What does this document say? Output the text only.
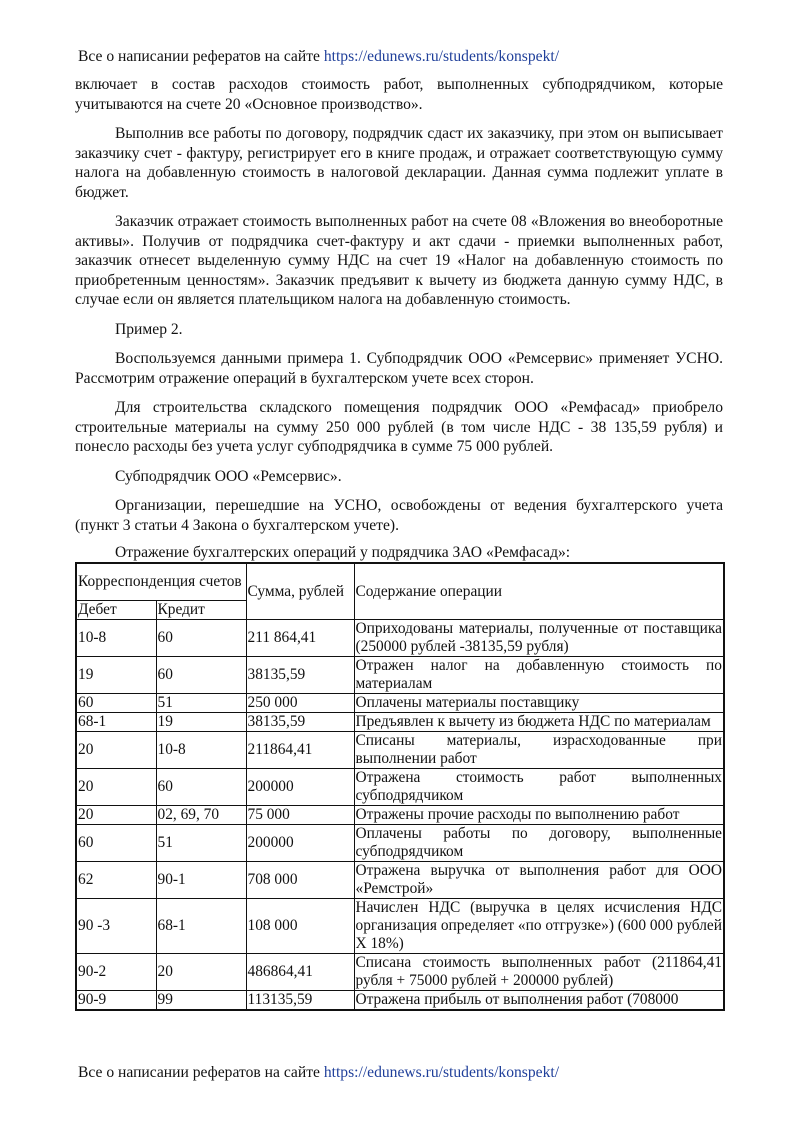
Все о написании рефератов на сайте https://edunews.ru/students/konspekt/

включает в состав расходов стоимость работ, выполненных субподрядчиком, которые учитываются на счете 20 «Основное производство».

Выполнив все работы по договору, подрядчик сдаст их заказчику, при этом он выписывает заказчику счет - фактуру, регистрирует его в книге продаж, и отражает соответствующую сумму налога на добавленную стоимость в налоговой декларации. Данная сумма подлежит уплате в бюджет.

Заказчик отражает стоимость выполненных работ на счете 08 «Вложения во внеоборотные активы». Получив от подрядчика счет-фактуру и акт сдачи - приемки выполненных работ, заказчик отнесет выделенную сумму НДС на счет 19 «Налог на добавленную стоимость по приобретенным ценностям». Заказчик предъявит к вычету из бюджета данную сумму НДС, в случае если он является плательщиком налога на добавленную стоимость.

Пример 2.

Воспользуемся данными примера 1. Субподрядчик ООО «Ремсервис» применяет УСНО. Рассмотрим отражение операций в бухгалтерском учете всех сторон.

Для строительства складского помещения подрядчик ООО «Ремфасад» приобрело строительные материалы на сумму 250 000 рублей (в том числе НДС - 38 135,59 рубля) и понесло расходы без учета услуг субподрядчика в сумме 75 000 рублей.

Субподрядчик ООО «Ремсервис».

Организации, перешедшие на УСНО, освобождены от ведения бухгалтерского учета (пункт 3 статьи 4 Закона о бухгалтерском учете).

Отражение бухгалтерских операций у подрядчика ЗАО «Ремфасад»:
Корреспонденция счетов		Сумма, рублей	Содержание операции
Дебет	Кредит		
10-8	60	211 864,41	Оприходованы материалы, полученные от поставщика (250000 рублей -38135,59 рубля)
19	60	38135,59	Отражен налог на добавленную стоимость по материалам
60	51	250 000	Оплачены материалы поставщику
68-1	19	38135,59	Предъявлен к вычету из бюджета НДС по материалам
20	10-8	211864,41	Списаны материалы, израсходованные при выполнении работ
20	60	200000	Отражена стоимость работ выполненных субподрядчиком
20	02, 69, 70	75 000	Отражены прочие расходы по выполнению работ
60	51	200000	Оплачены работы по договору, выполненные субподрядчиком
62	90-1	708 000	Отражена выручка от выполнения работ для ООО «Ремстрой»
90 -3	68-1	108 000	Начислен НДС (выручка в целях исчисления НДС организация определяет «по отгрузке») (600 000 рублей Х 18%)
90-2	20	486864,41	Списана стоимость выполненных работ (211864,41 рубля + 75000 рублей + 200000 рублей)
90-9	99	113135,59	Отражена прибыль от выполнения работ (708000
Все о написании рефератов на сайте https://edunews.ru/students/konspekt/
